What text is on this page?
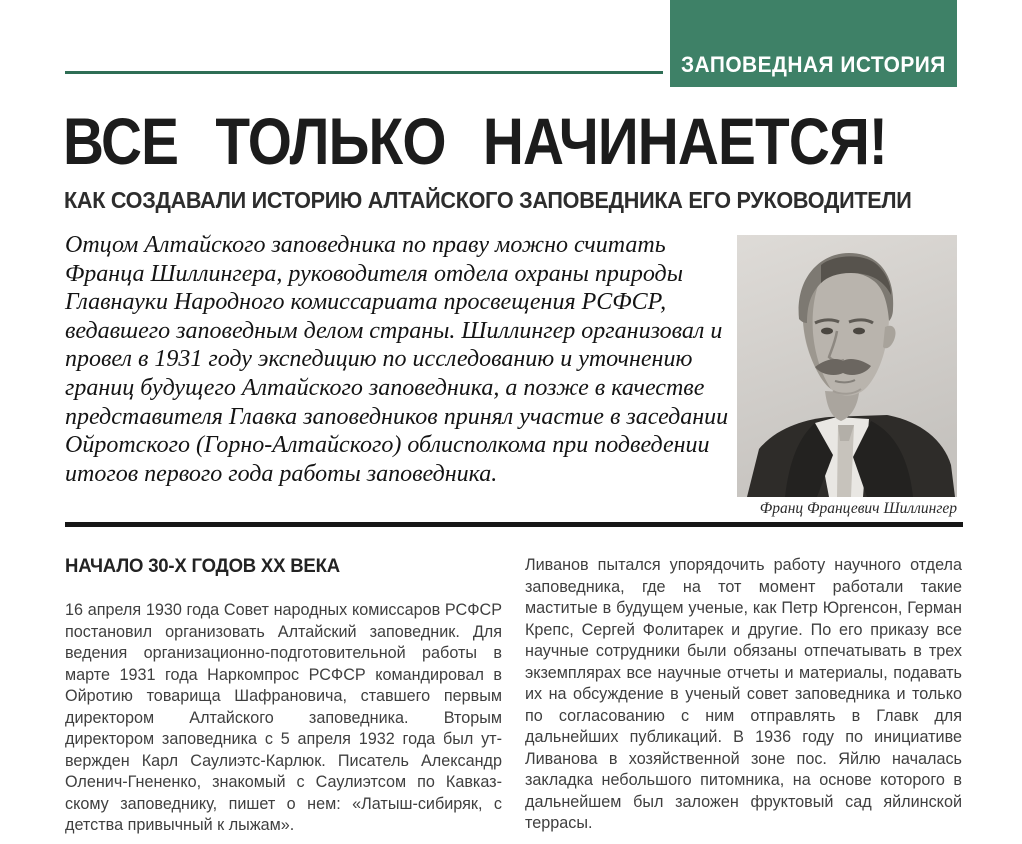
ЗАПОВЕДНАЯ ИСТОРИЯ
ВСЕ ТОЛЬКО НАЧИНАЕТСЯ!
КАК СОЗДАВАЛИ ИСТОРИЮ АЛТАЙСКОГО ЗАПОВЕДНИКА ЕГО РУКОВОДИТЕЛИ
Отцом Алтайского заповедника по праву можно считать Франца Шиллингера, руководителя отдела охраны природы Главнауки Народного комиссариата просвещения РСФСР, ведавшего заповедным делом страны. Шиллингер организовал и провел в 1931 году экспедицию по исследованию и уточнению границ будущего Алтайского заповедника, а позже в качестве представителя Главка заповедников принял участие в заседании Ойротского (Горно-Алтайского) облисполкома при подведении итогов первого года работы заповедника.
Франц Францевич Шиллингер
НАЧАЛО 30-Х ГОДОВ XX ВЕКА

16 апреля 1930 года Совет народных комиссаров РСФСР постановил организовать Алтайский заповедник. Для ведения организационно-подготовительной работы в марте 1931 года Наркомпрос РСФСР командировал в Ойротию товарища Шафрановича, ставшего первым директором Алтайского заповедника. Вторым директором заповедника с 5 апреля 1932 года был утвержден Карл Саулиэтс-Карлюк. Писатель Александр Оленич-Гнененко, знакомый с Саулиэтсом по Кавказскому заповеднику, пишет о нем: «Латыш-сибиряк, с детства привычный к лыжам».

Ливанов пытался упорядочить работу научного отдела заповедника, где на тот момент работали такие маститые в будущем ученые, как Петр Юргенсон, Герман Крепс, Сергей Фолитарек и другие. По его приказу все научные сотрудники были обязаны отпечатывать в трех экземплярах все научные отчеты и материалы, подавать их на обсуждение в ученый совет заповедника и только по согласованию с ним отправлять в Главк для дальнейших публикаций. В 1936 году по инициативе Ливанова в хозяйственной зоне пос. Яйлю началась закладка небольшого питомника, на основе которого в дальнейшем был заложен фруктовый сад яйлинской террасы.
